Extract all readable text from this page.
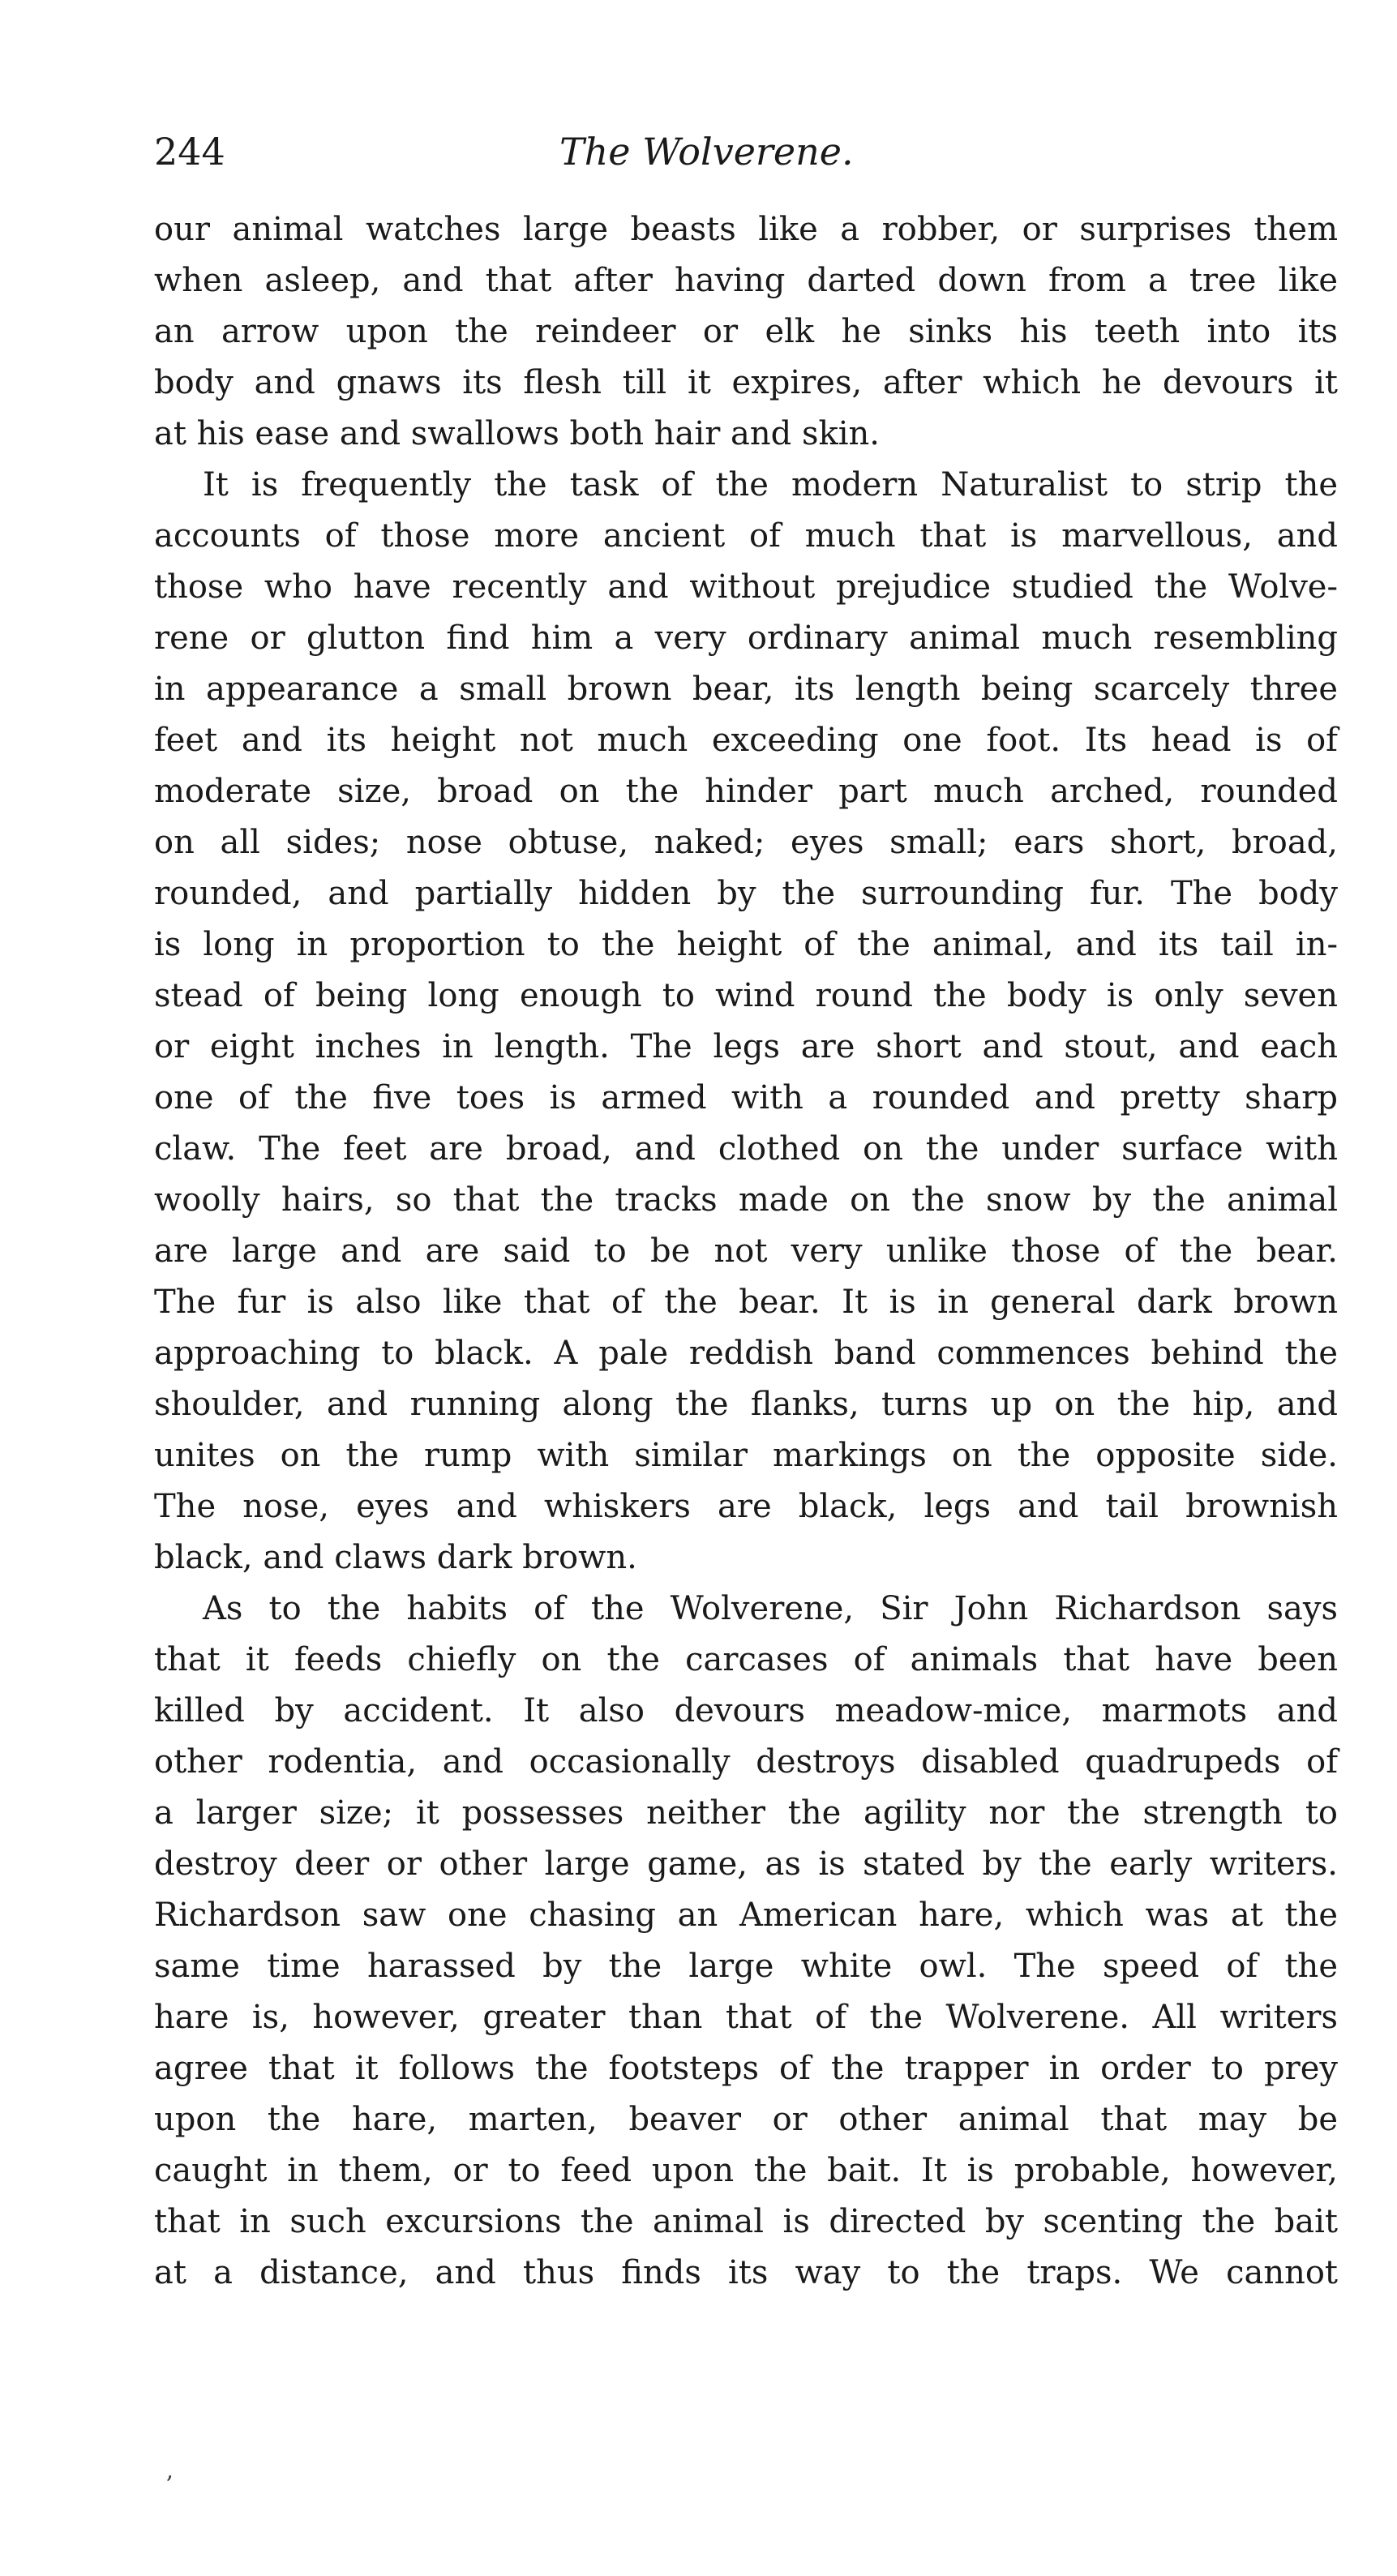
244	The Wolverene.
our animal watches large beasts like a robber, or surprises them
when asleep, and that after having darted down from a tree like
an arrow upon the reindeer or elk he sinks his teeth into its
body and gnaws its flesh till it expires, after which he devours it
at his ease and swallows both hair and skin.
It is frequently the task of the modern Naturalist to strip the
accounts of those more ancient of much that is marvellous, and
those who have recently and without prejudice studied the Wolve-
rene or glutton find him a very ordinary animal much resembling
in appearance a small brown bear, its length being scarcely three
feet and its height not much exceeding one foot. Its head is of
moderate size, broad on the hinder part much arched, rounded
on all sides; nose obtuse, naked; eyes small; ears short, broad,
rounded, and partially hidden by the surrounding fur. The body
is long in proportion to the height of the animal, and its tail in-
stead of being long enough to wind round the body is only seven
or eight inches in length. The legs are short and stout, and each
one of the five toes is armed with a rounded and pretty sharp
claw. The feet are broad, and clothed on the under surface with
woolly hairs, so that the tracks made on the snow by the animal
are large and are said to be not very unlike those of the bear.
The fur is also like that of the bear. It is in general dark brown
approaching to black. A pale reddish band commences behind the
shoulder, and running along the flanks, turns up on the hip, and
unites on the rump with similar markings on the opposite side.
The nose, eyes and whiskers are black, legs and tail brownish
black, and claws dark brown.
As to the habits of the Wolverene, Sir John Richardson says
that it feeds chiefly on the carcases of animals that have been
killed by accident. It also devours meadow-mice, marmots and
other rodentia, and occasionally destroys disabled quadrupeds of
a larger size; it possesses neither the agility nor the strength to
destroy deer or other large game, as is stated by the early writers.
Richardson saw one chasing an American hare, which was at the
same time harassed by the large white owl. The speed of the
hare is, however, greater than that of the Wolverene. All writers
agree that it follows the footsteps of the trapper in order to prey
upon the hare, marten, beaver or other animal that may be
caught in them, or to feed upon the bait. It is probable, however,
that in such excursions the animal is directed by scenting the bait
at a distance, and thus finds its way to the traps. We cannot
,
